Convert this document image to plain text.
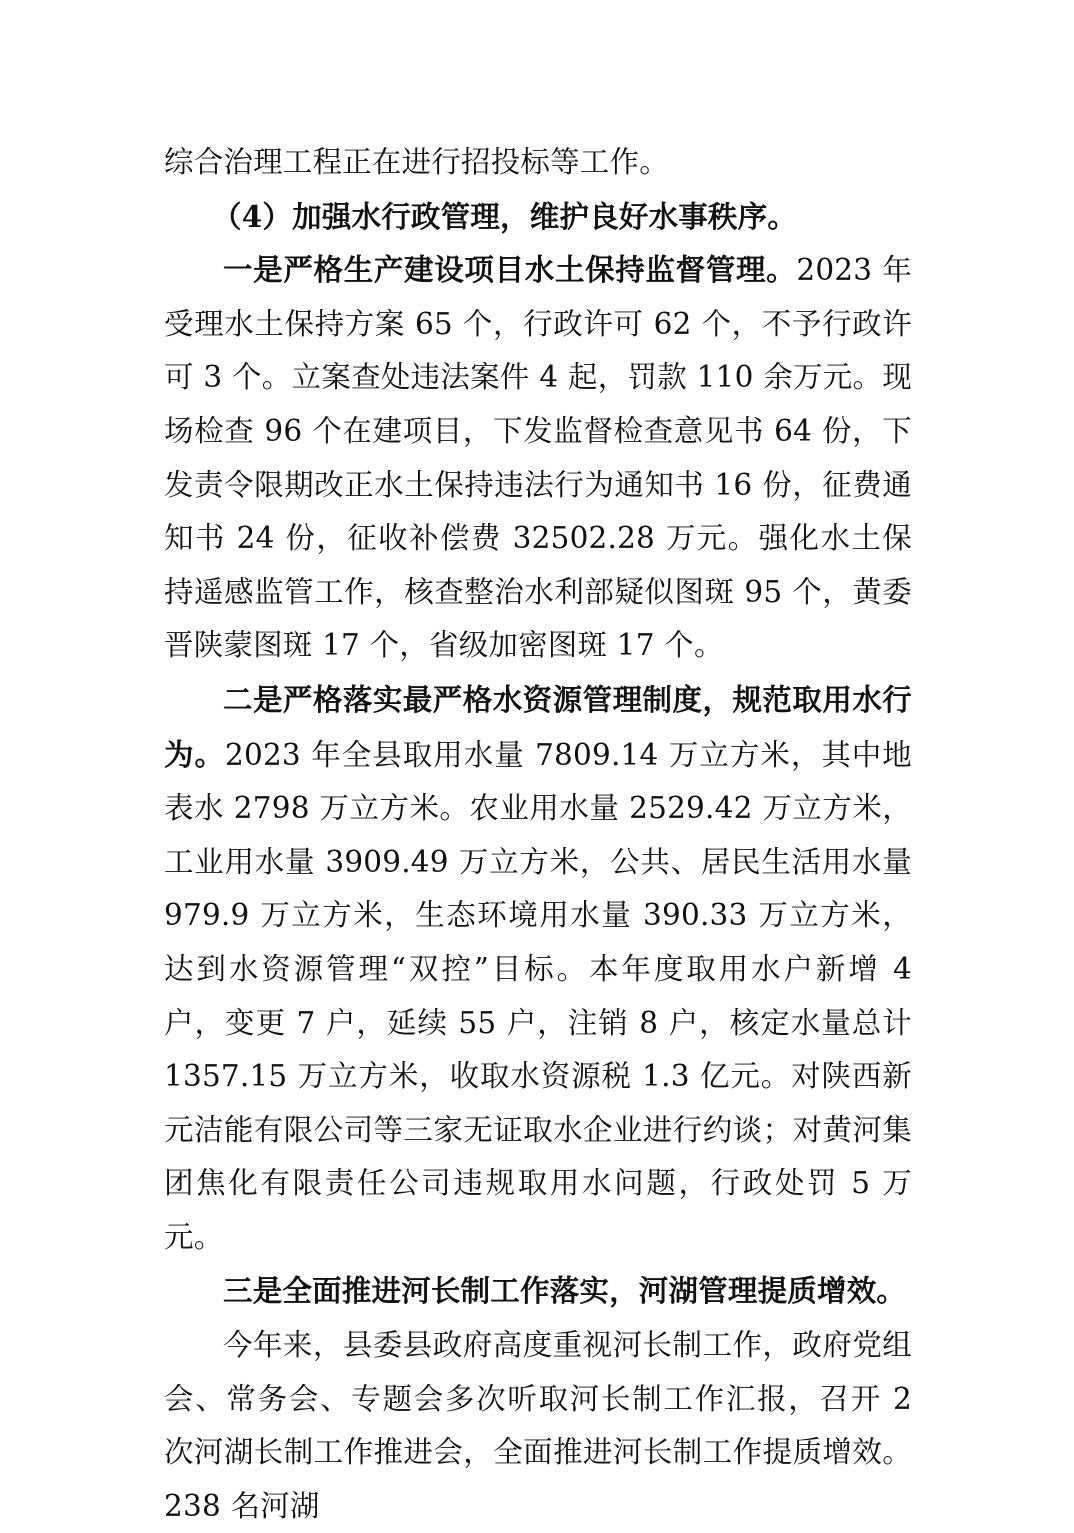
综合治理工程正在进行招投标等工作。

（4）加强水行政管理，维护良好水事秩序。

一是严格生产建设项目水土保持监督管理。2023 年受理水土保持方案 65 个，行政许可 62 个，不予行政许可 3 个。立案查处违法案件 4 起，罚款 110 余万元。现场检查 96 个在建项目，下发监督检查意见书 64 份，下发责令限期改正水土保持违法行为通知书 16 份，征费通知书 24 份，征收补偿费 32502.28 万元。强化水土保持遥感监管工作，核查整治水利部疑似图斑 95 个，黄委晋陕蒙图斑 17 个，省级加密图斑 17 个。

二是严格落实最严格水资源管理制度，规范取用水行为。2023 年全县取用水量 7809.14 万立方米，其中地表水 2798 万立方米。农业用水量 2529.42 万立方米，工业用水量 3909.49 万立方米，公共、居民生活用水量 979.9 万立方米，生态环境用水量 390.33 万立方米，达到水资源管理“双控”目标。本年度取用水户新增 4 户，变更 7 户，延续 55 户，注销 8 户，核定水量总计 1357.15 万立方米，收取水资源税 1.3 亿元。对陕西新元洁能有限公司等三家无证取水企业进行约谈；对黄河集团焦化有限责任公司违规取用水问题，行政处罚 5 万元。

三是全面推进河长制工作落实，河湖管理提质增效。

今年来，县委县政府高度重视河长制工作，政府党组会、常务会、专题会多次听取河长制工作汇报，召开 2 次河湖长制工作推进会，全面推进河长制工作提质增效。238 名河湖
